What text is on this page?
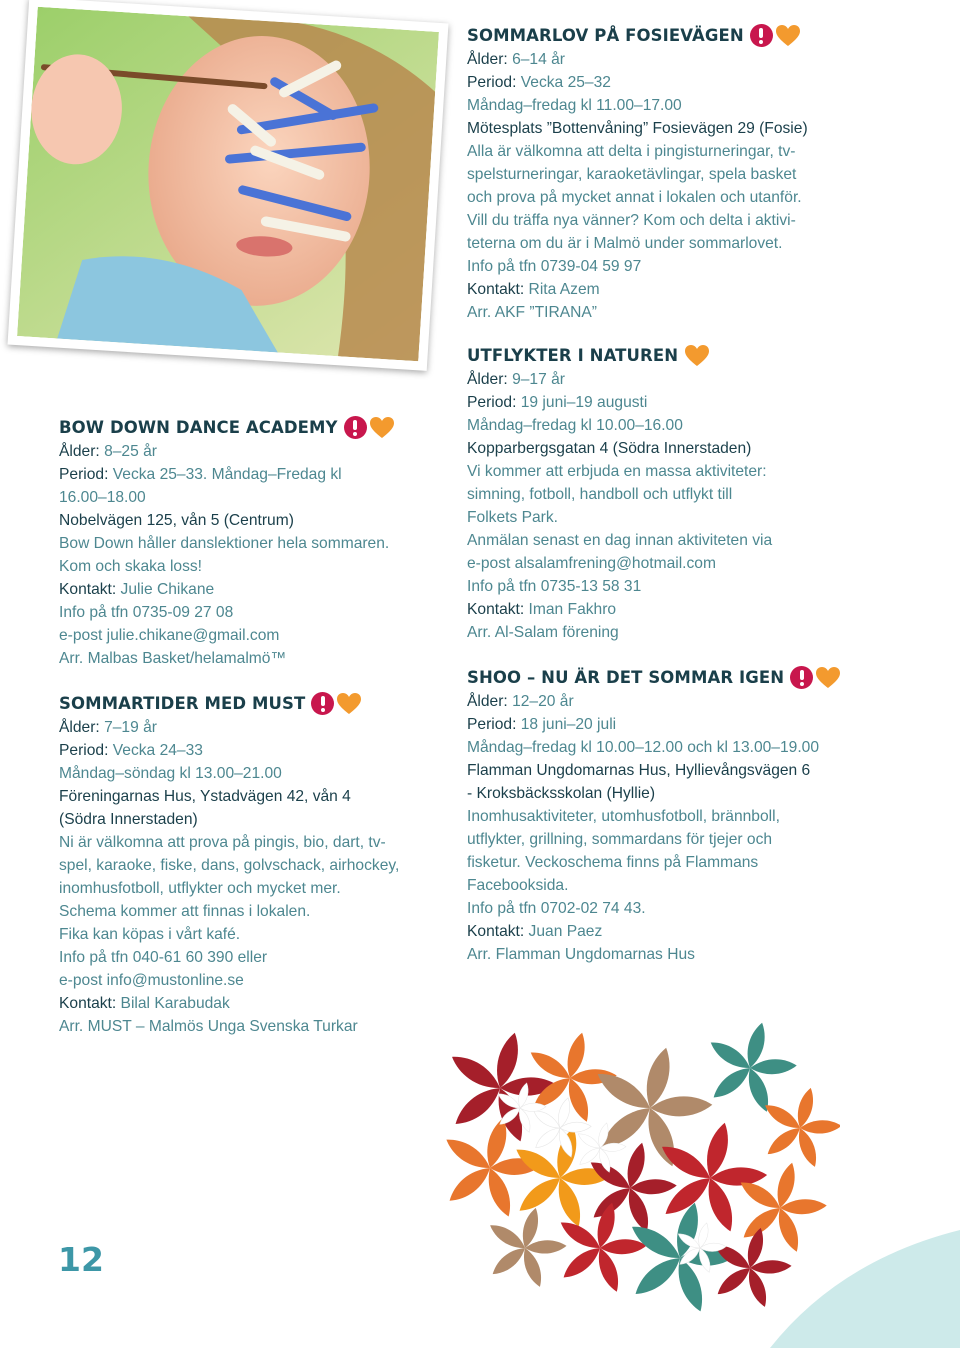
SOMMARLOV PÅ FOSIEVÄGEN
Ålder: 6–14 år
Period: Vecka 25–32
Måndag–fredag kl 11.00–17.00
Mötesplats ”Bottenvåning” Fosievägen 29 (Fosie)
Alla är välkomna att delta i pingisturneringar, tv-
spelsturneringar, karaoketävlingar, spela basket
och prova på mycket annat i lokalen och utanför.
Vill du träffa nya vänner? Kom och delta i aktivi-
teterna om du är i Malmö under sommarlovet.
Info på tfn 0739-04 59 97
Kontakt: Rita Azem
Arr. AKF ”TIRANA”
UTFLYKTER I NATUREN
Ålder: 9–17 år
Period: 19 juni–19 augusti
Måndag–fredag kl 10.00–16.00
Kopparbergsgatan 4 (Södra Innerstaden)
Vi kommer att erbjuda en massa aktiviteter:
simning, fotboll, handboll och utflykt till
Folkets Park.
Anmälan senast en dag innan aktiviteten via
e-post alsalamfrening@hotmail.com
Info på tfn 0735-13 58 31
Kontakt: Iman Fakhro
Arr. Al-Salam förening
SHOO – NU ÄR DET SOMMAR IGEN
Ålder: 12–20 år
Period: 18 juni–20 juli
Måndag–fredag kl 10.00–12.00 och kl 13.00–19.00
Flamman Ungdomarnas Hus, Hyllievångsvägen 6
- Kroksbäcksskolan (Hyllie)
Inomhusaktiviteter, utomhusfotboll, brännboll,
utflykter, grillning, sommardans för tjejer och
fisketur. Veckoschema finns på Flammans
Facebooksida.
Info på tfn 0702-02 74 43.
Kontakt: Juan Paez
Arr. Flamman Ungdomarnas Hus
BOW DOWN DANCE ACADEMY
Ålder: 8–25 år
Period: Vecka 25–33. Måndag–Fredag kl
16.00–18.00
Nobelvägen 125, vån 5 (Centrum)
Bow Down håller danslektioner hela sommaren.
Kom och skaka loss!
Kontakt: Julie Chikane
Info på tfn 0735-09 27 08
e-post julie.chikane@gmail.com
Arr. Malbas Basket/helamalmö™
SOMMARTIDER MED MUST
Ålder: 7–19 år
Period: Vecka 24–33
Måndag–söndag kl 13.00–21.00
Föreningarnas Hus, Ystadvägen 42, vån 4
(Södra Innerstaden)
Ni är välkomna att prova på pingis, bio, dart, tv-
spel, karaoke, fiske, dans, golvschack, airhockey,
inomhusfotboll, utflykter och mycket mer.
Schema kommer att finnas i lokalen.
Fika kan köpas i vårt kafé.
Info på tfn 040-61 60 390 eller
e-post info@mustonline.se
Kontakt: Bilal Karabudak
Arr. MUST – Malmös Unga Svenska Turkar
12
